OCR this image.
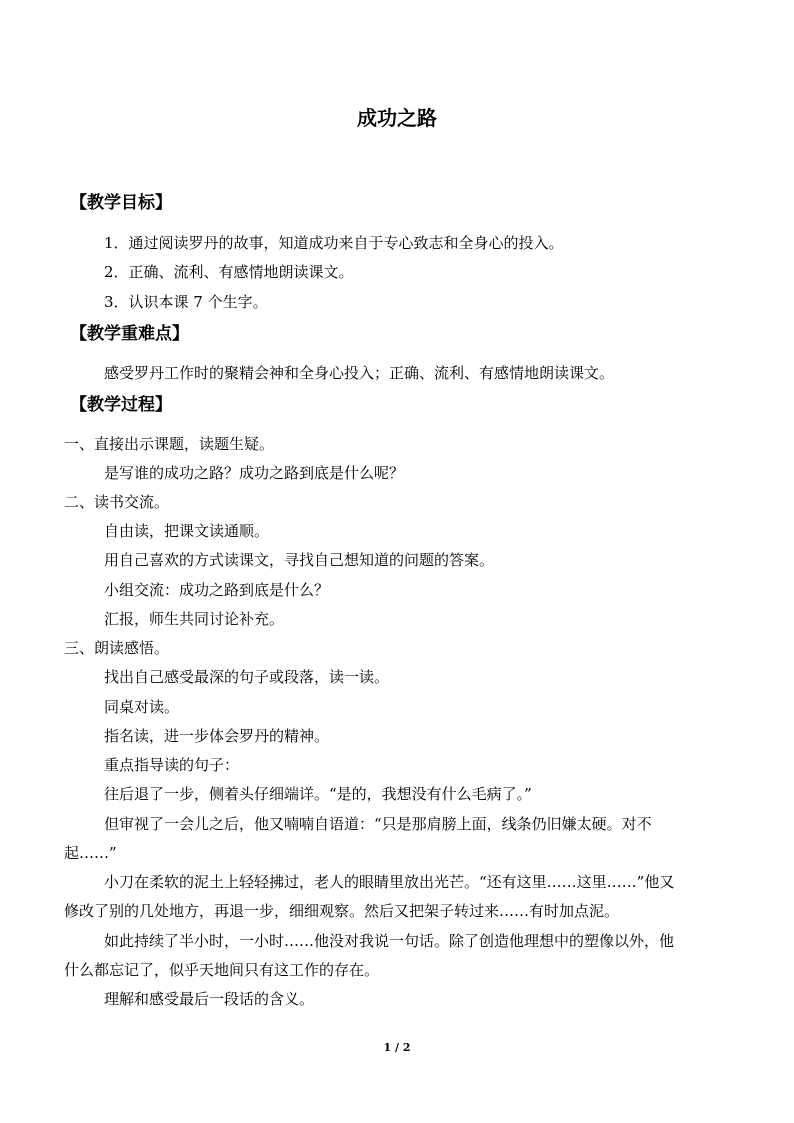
成功之路
【教学目标】
1．通过阅读罗丹的故事，知道成功来自于专心致志和全身心的投入。
2．正确、流利、有感情地朗读课文。
3．认识本课 7 个生字。
【教学重难点】
感受罗丹工作时的聚精会神和全身心投入；正确、流利、有感情地朗读课文。
【教学过程】
一、直接出示课题，读题生疑。
是写谁的成功之路？成功之路到底是什么呢？
二、读书交流。
自由读，把课文读通顺。
用自己喜欢的方式读课文，寻找自己想知道的问题的答案。
小组交流：成功之路到底是什么？
汇报，师生共同讨论补充。
三、朗读感悟。
找出自己感受最深的句子或段落，读一读。
同桌对读。
指名读，进一步体会罗丹的精神。
重点指导读的句子：
往后退了一步，侧着头仔细端详。“是的，我想没有什么毛病了。”
但审视了一会儿之后，他又喃喃自语道：“只是那肩膀上面，线条仍旧嫌太硬。对不
起……”
小刀在柔软的泥土上轻轻拂过，老人的眼睛里放出光芒。“还有这里……这里……”他又
修改了别的几处地方，再退一步，细细观察。然后又把架子转过来……有时加点泥。
如此持续了半小时，一小时……他没对我说一句话。除了创造他理想中的塑像以外，他
什么都忘记了，似乎天地间只有这工作的存在。
理解和感受最后一段话的含义。
1 / 2
